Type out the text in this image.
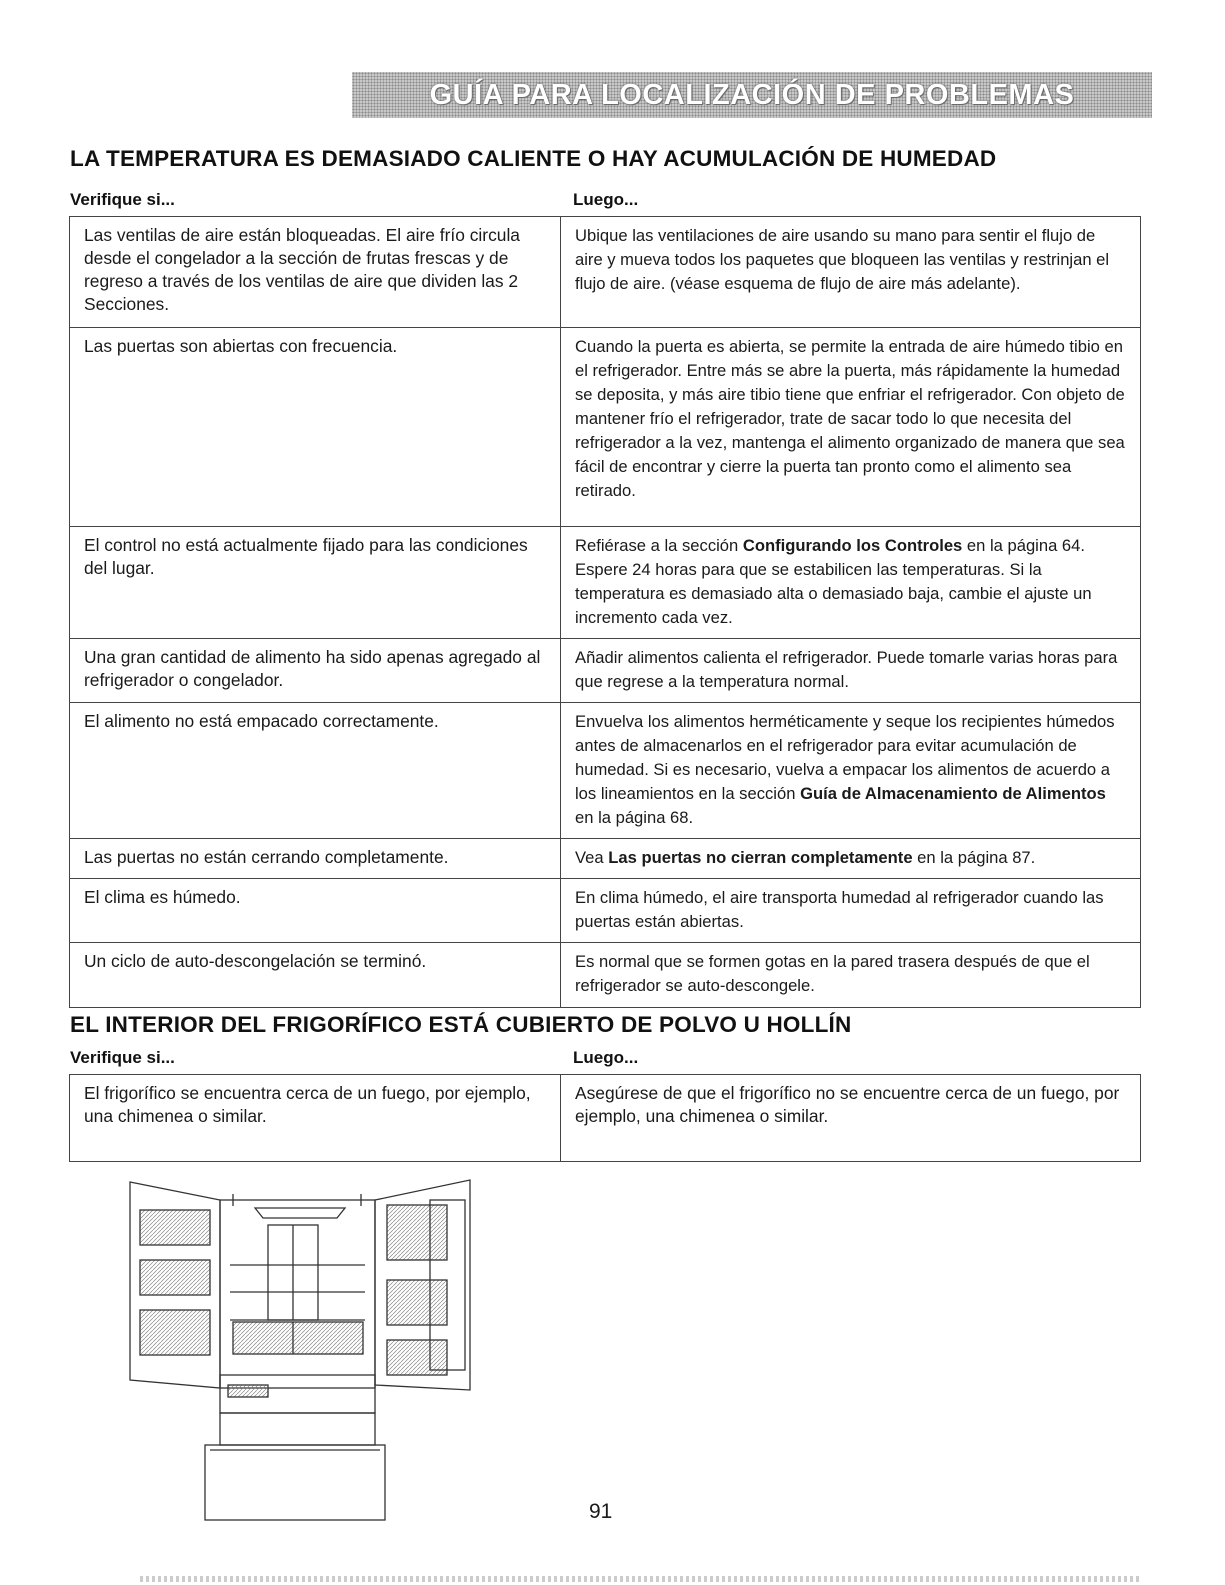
GUÍA PARA LOCALIZACIÓN DE PROBLEMAS
LA TEMPERATURA ES DEMASIADO CALIENTE O HAY ACUMULACIÓN DE HUMEDAD
Verifique si...	Luego...
Las ventilas de aire están bloqueadas. El aire frío circula desde el congelador a la sección de frutas frescas y de regreso a través de los ventilas de aire que dividen las 2 Secciones.	Ubique las ventilaciones de aire usando su mano para sentir el flujo de aire y mueva todos los paquetes que bloqueen las ventilas y restrinjan el flujo de aire. (véase esquema de flujo de aire más adelante).
Las puertas son abiertas con frecuencia.	Cuando la puerta es abierta, se permite la entrada de aire húmedo tibio en el refrigerador. Entre más se abre la puerta, más rápidamente la humedad se deposita, y más aire tibio tiene que enfriar el refrigerador. Con objeto de mantener frío el refrigerador, trate de sacar todo lo que necesita del refrigerador a la vez, mantenga el alimento organizado de manera que sea fácil de encontrar y cierre la puerta tan pronto como el alimento sea retirado.
El control no está actualmente fijado para las condiciones del lugar.	Refiérase a la sección Configurando los Controles en la página 64. Espere 24 horas para que se estabilicen las temperaturas. Si la temperatura es demasiado alta o demasiado baja, cambie el ajuste un incremento cada vez.
Una gran cantidad de alimento ha sido apenas agregado al refrigerador o congelador.	Añadir alimentos calienta el refrigerador. Puede tomarle varias horas para que regrese a la temperatura normal.
El alimento no está empacado correctamente.	Envuelva los alimentos herméticamente y seque los recipientes húmedos antes de almacenarlos en el refrigerador para evitar acumulación de humedad. Si es necesario, vuelva a empacar los alimentos de acuerdo a los lineamientos en la sección Guía de Almacenamiento de Alimentos en la página 68.
Las puertas no están cerrando completamente.	Vea Las puertas no cierran completamente en la página 87.
El clima es húmedo.	En clima húmedo, el aire transporta humedad al refrigerador cuando las puertas están abiertas.
Un ciclo de auto-descongelación se terminó.	Es normal que se formen gotas en la pared trasera después de que el refrigerador se auto-descongele.
EL INTERIOR DEL FRIGORÍFICO ESTÁ CUBIERTO DE POLVO U HOLLÍN
Verifique si...	Luego...
El frigorífico se encuentra cerca de un fuego, por ejemplo, una chimenea o similar.	Asegúrese de que el frigorífico no se encuentre cerca de un fuego, por ejemplo, una chimenea o similar.
91
